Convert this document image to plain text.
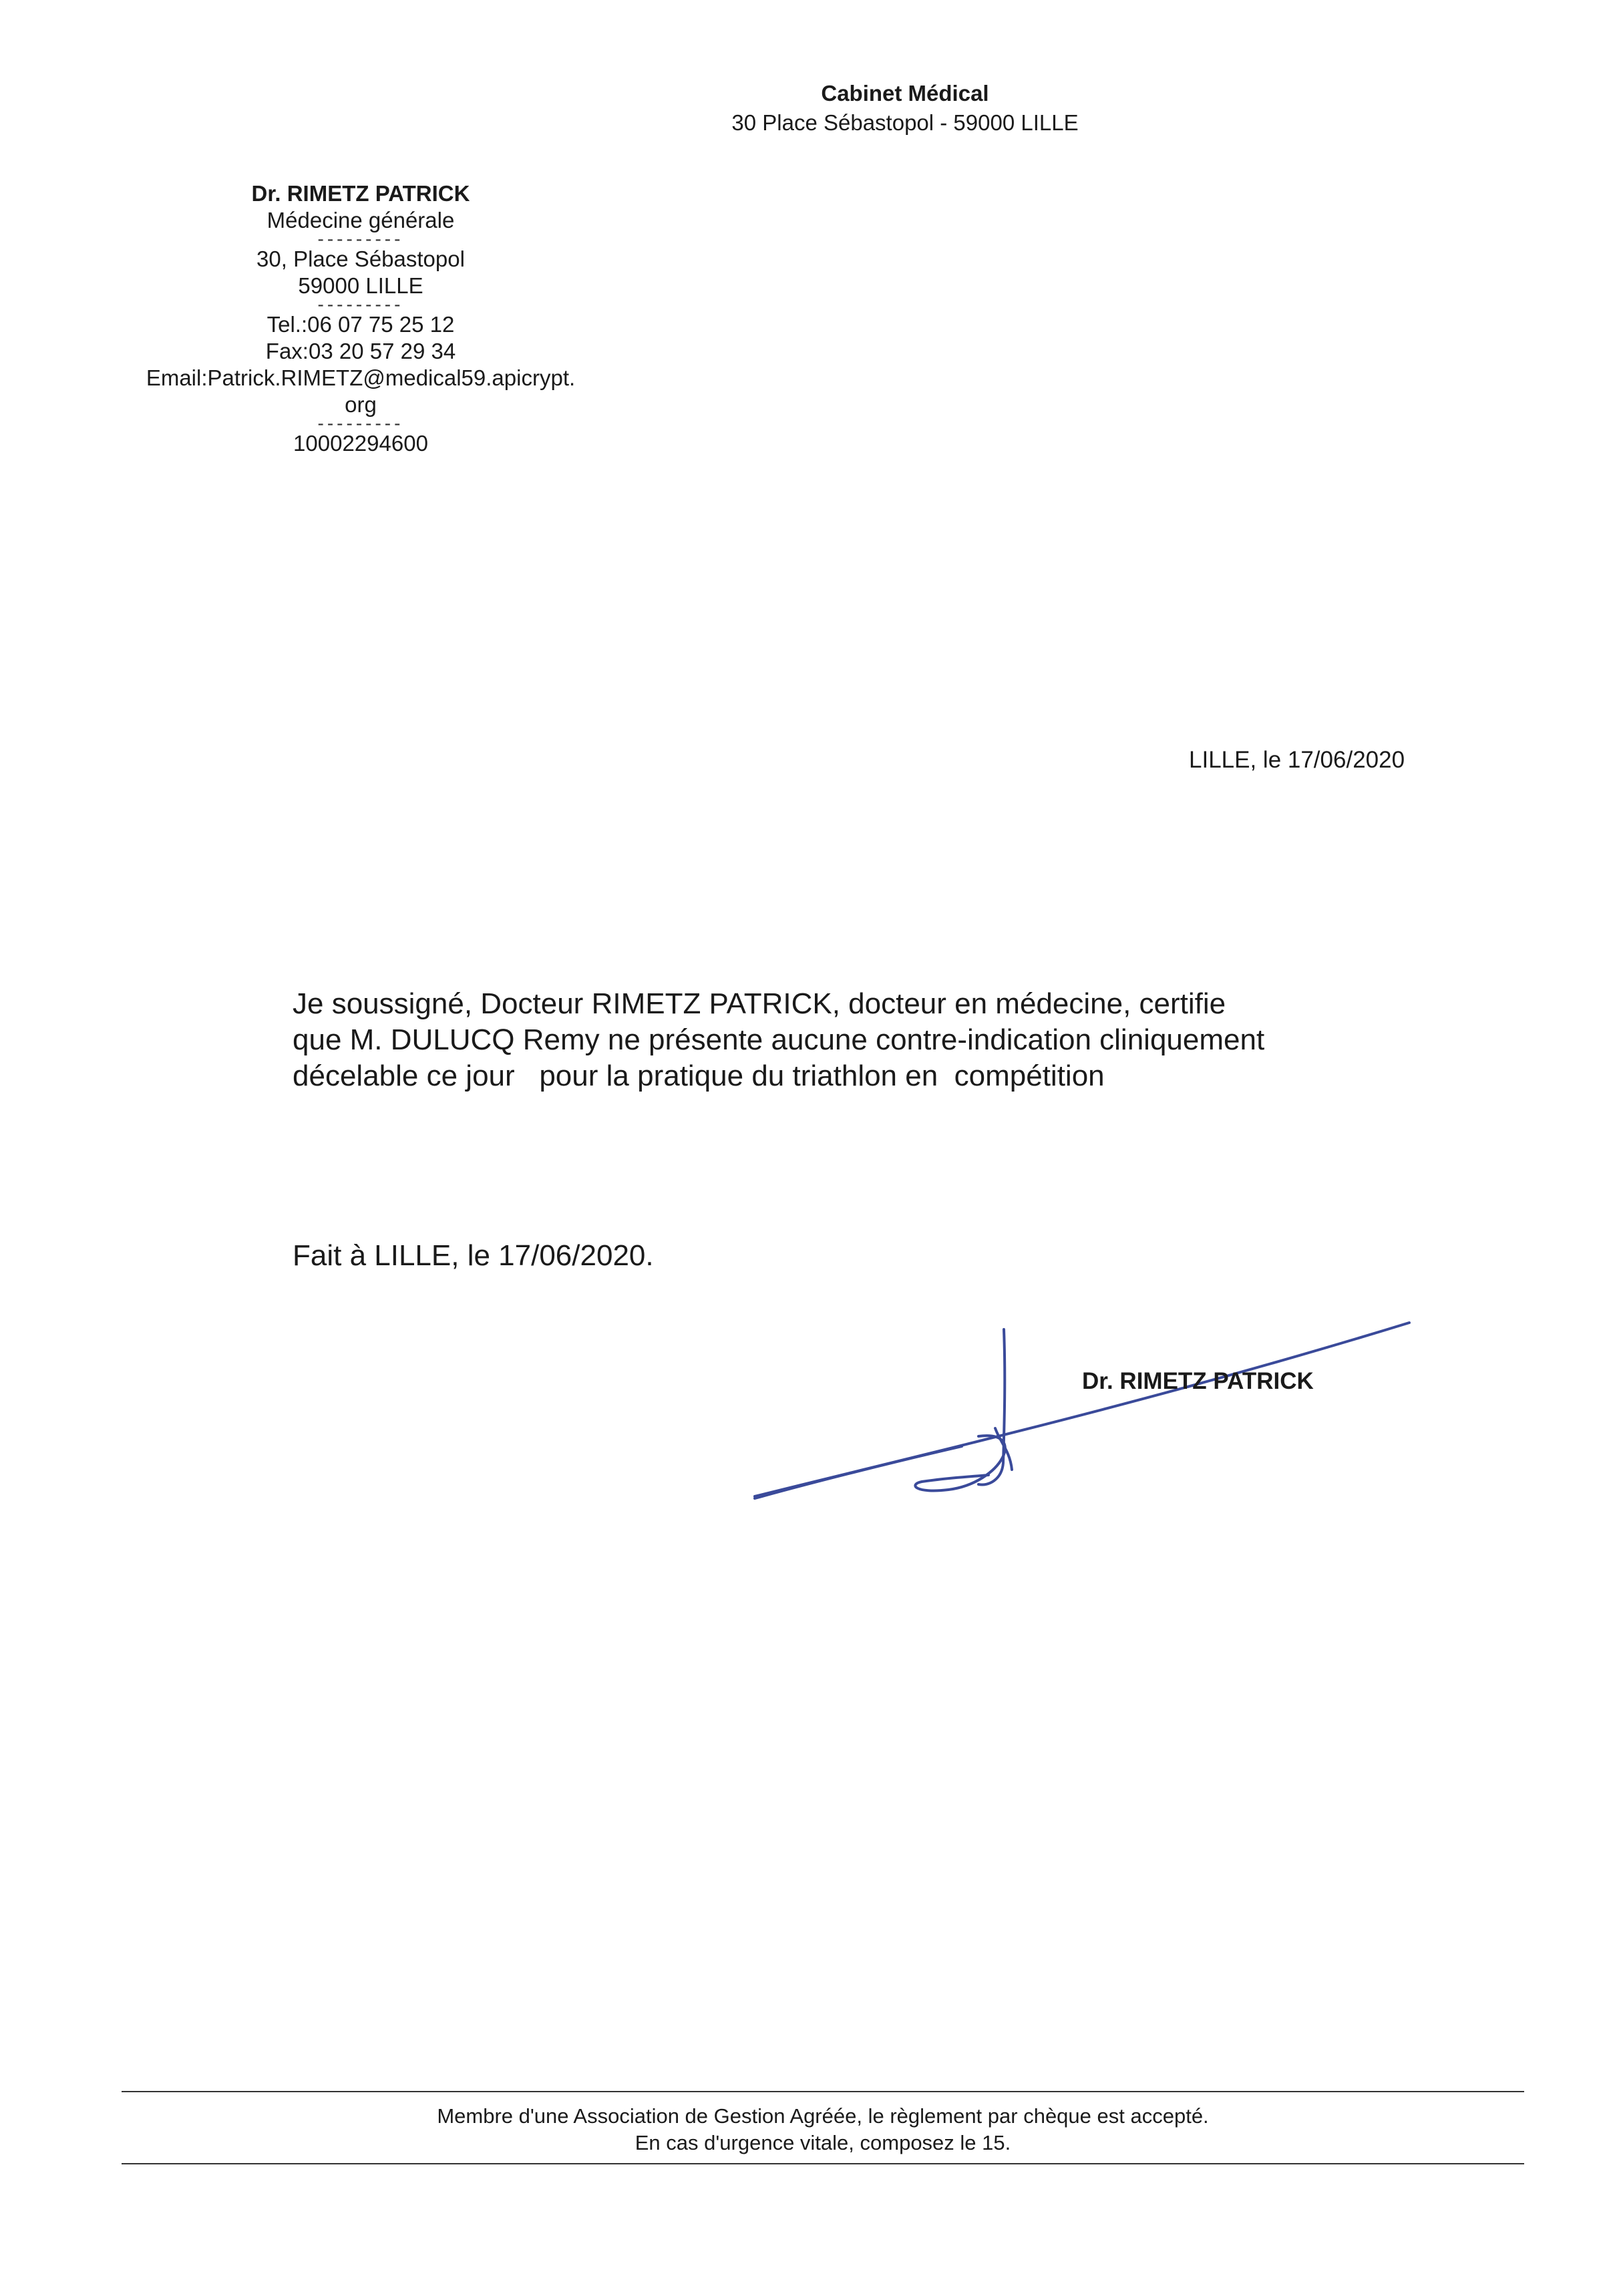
Cabinet Médical
30 Place Sébastopol - 59000 LILLE
Dr. RIMETZ PATRICK
Médecine générale
---------
30, Place Sébastopol
59000 LILLE
---------
Tel.:06 07 75 25 12
Fax:03 20 57 29 34
Email:Patrick.RIMETZ@medical59.apicrypt.
org
---------
10002294600
LILLE, le 17/06/2020

Je soussigné, Docteur RIMETZ PATRICK, docteur en médecine, certifie

que M. DULUCQ Remy ne présente aucune contre-indication cliniquement

décelable ce jour   pour la pratique du triathlon en  compétition

Fait à LILLE, le 17/06/2020.
Dr. RIMETZ PATRICK
Membre d'une Association de Gestion Agréée, le règlement par chèque est accepté.
En cas d'urgence vitale, composez le 15.
